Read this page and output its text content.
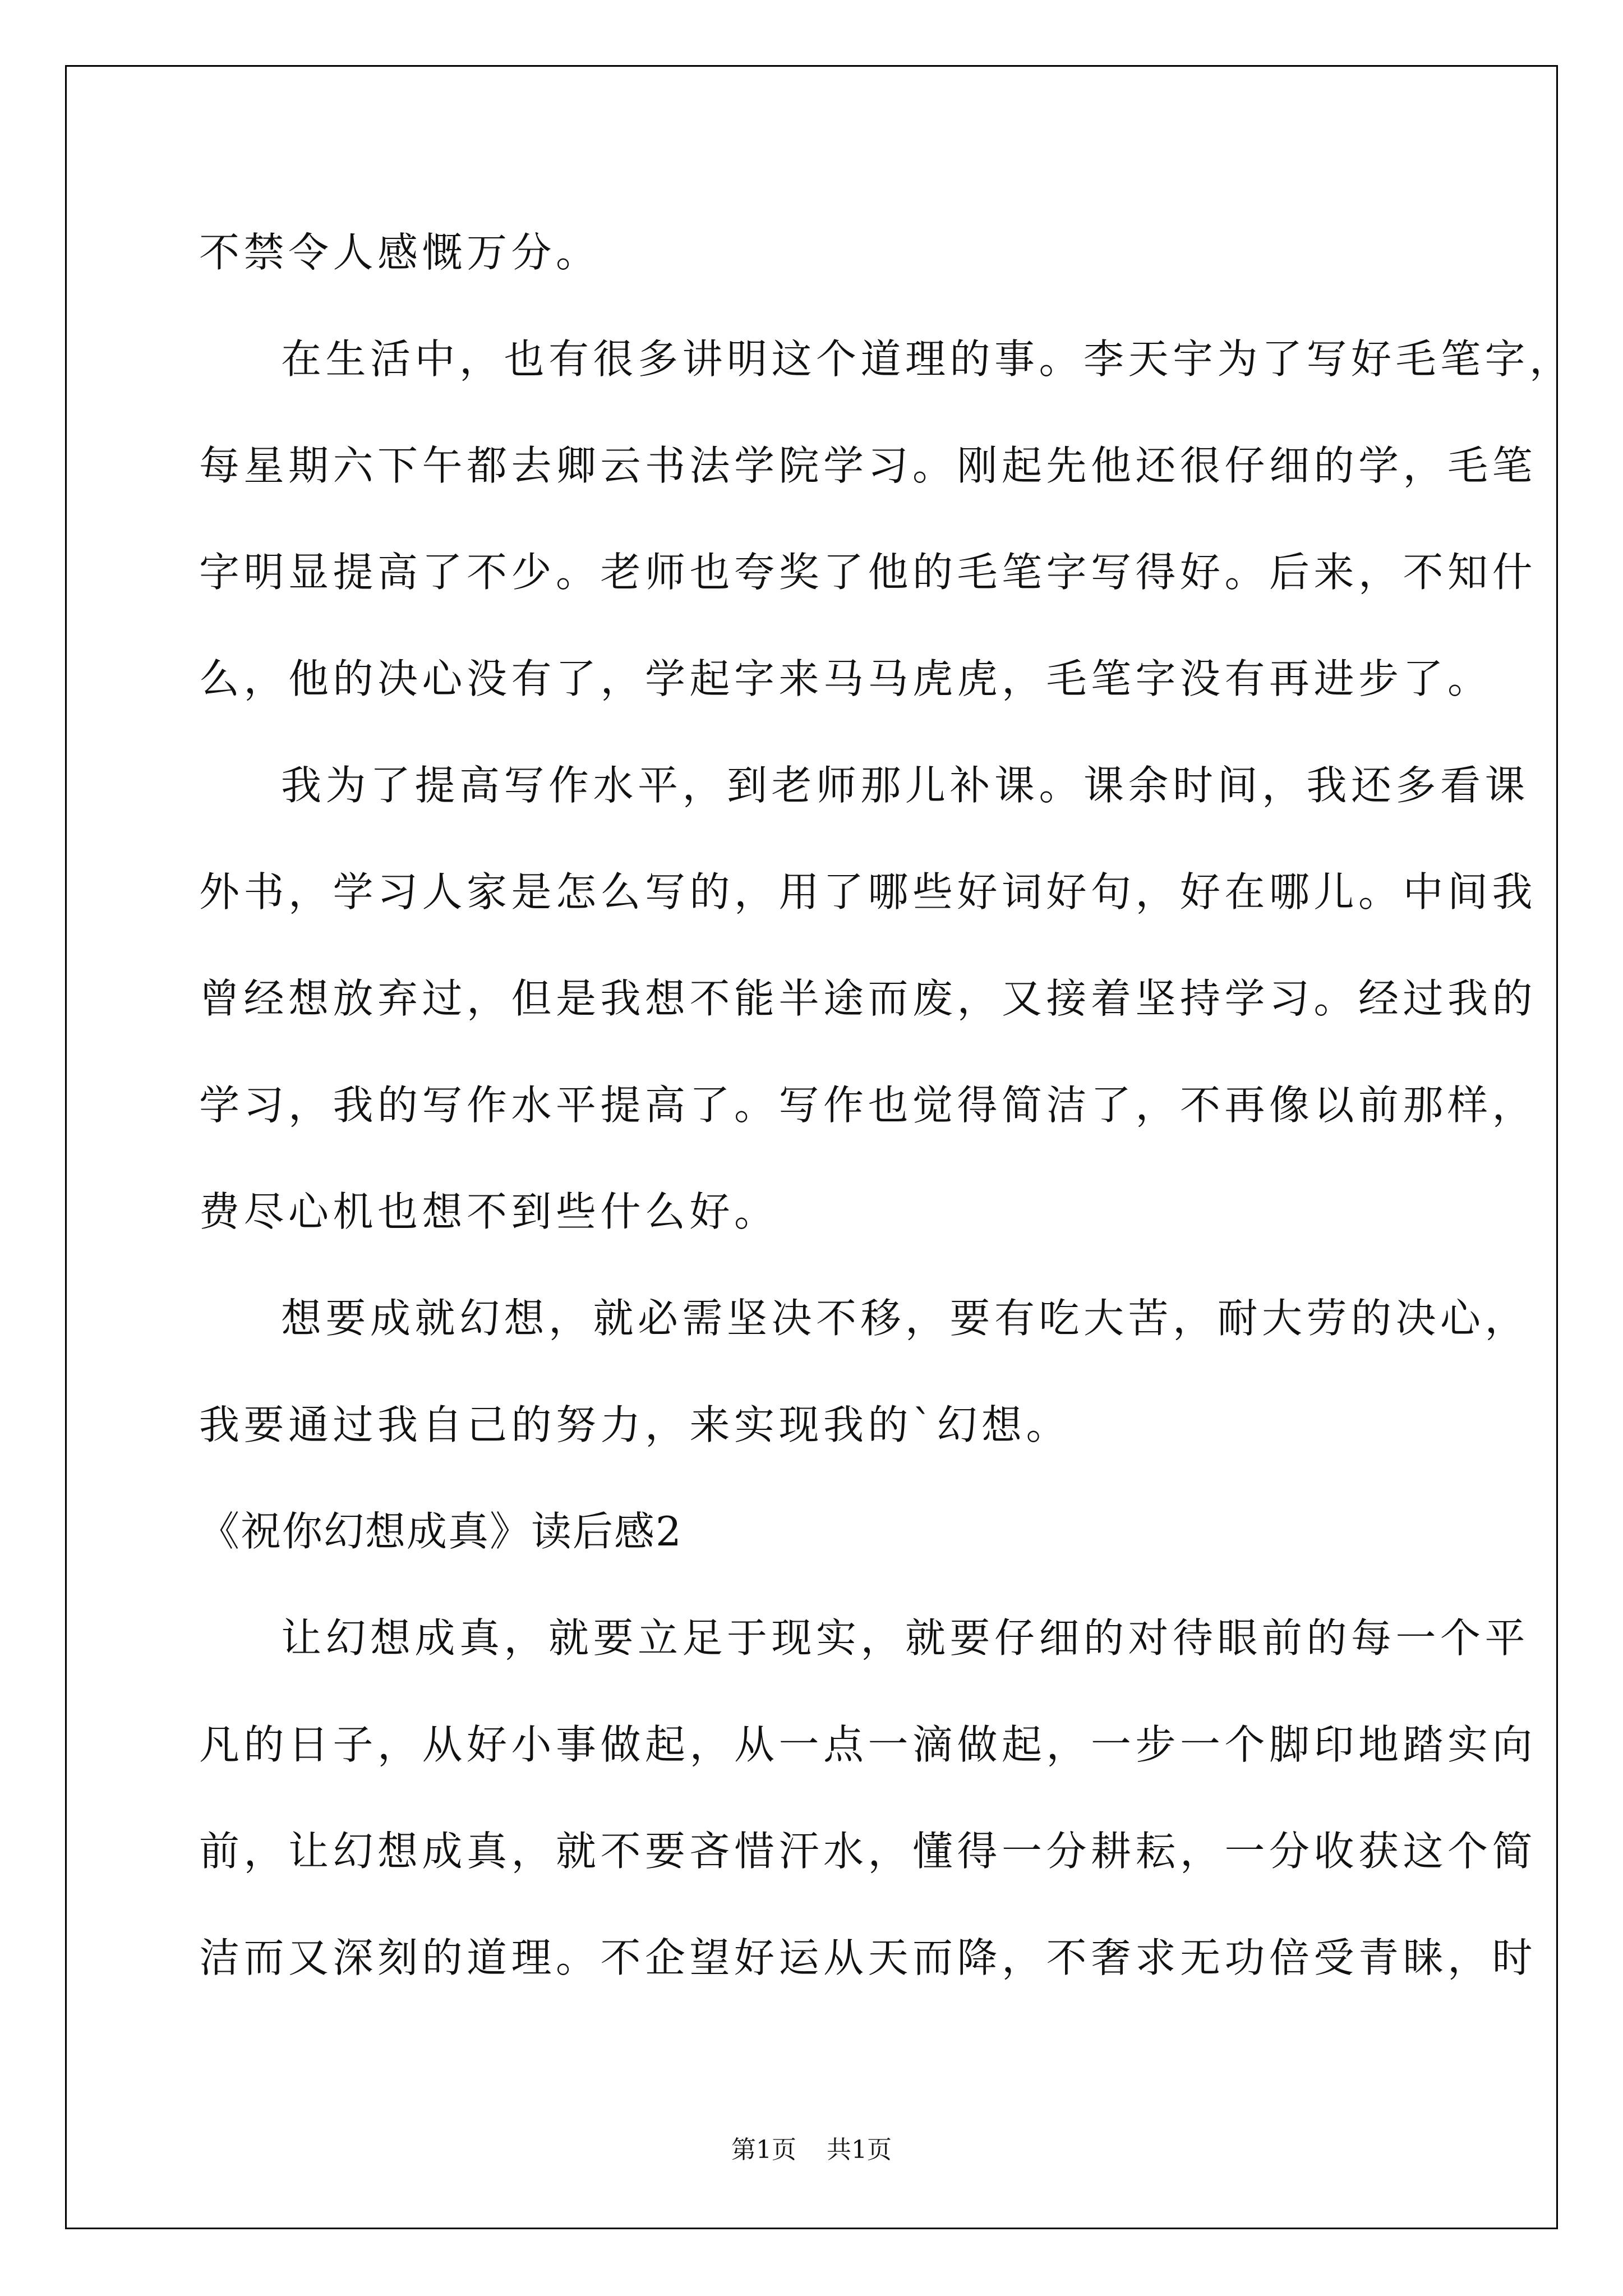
不禁令人感慨万分。
在生活中，也有很多讲明这个道理的事。李天宇为了写好毛笔字，
每星期六下午都去卿云书法学院学习。刚起先他还很仔细的学，毛笔
字明显提高了不少。老师也夸奖了他的毛笔字写得好。后来，不知什
么，他的决心没有了，学起字来马马虎虎，毛笔字没有再进步了。
我为了提高写作水平，到老师那儿补课。课余时间，我还多看课
外书，学习人家是怎么写的，用了哪些好词好句，好在哪儿。中间我
曾经想放弃过，但是我想不能半途而废，又接着坚持学习。经过我的
学习，我的写作水平提高了。写作也觉得简洁了，不再像以前那样，
费尽心机也想不到些什么好。
想要成就幻想，就必需坚决不移，要有吃大苦，耐大劳的决心，
我要通过我自己的努力，来实现我的`幻想。
《祝你幻想成真》读后感2
让幻想成真，就要立足于现实，就要仔细的对待眼前的每一个平
凡的日子，从好小事做起，从一点一滴做起，一步一个脚印地踏实向
前，让幻想成真，就不要吝惜汗水，懂得一分耕耘，一分收获这个简
洁而又深刻的道理。不企望好运从天而降，不奢求无功倍受青睐，时
第1页 共1页
